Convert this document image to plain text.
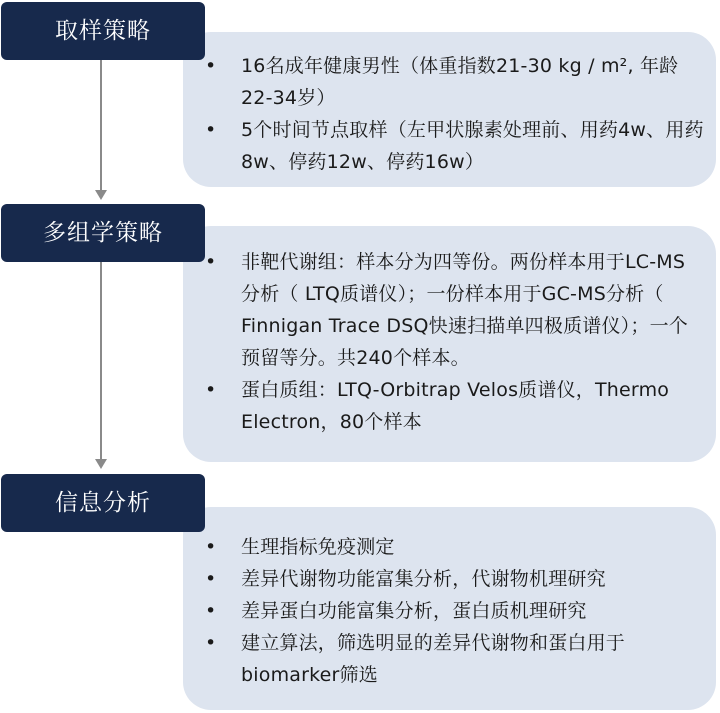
• 16名成年健康男性（体重指数21-30 kg / m², 年龄22-34岁）
• 5个时间节点取样（左甲状腺素处理前、用药4w、用药8w、停药12w、停药16w）
取样策略
• 非靶代谢组：样本分为四等份。两份样本用于LC-MS分析（ LTQ质谱仪）；一份样本用于GC-MS分析（ Finnigan Trace DSQ快速扫描单四极质谱仪）；一个预留等分。共240个样本。
• 蛋白质组：LTQ-Orbitrap Velos质谱仪，Thermo Electron，80个样本
多组学策略
• 生理指标免疫测定
• 差异代谢物功能富集分析，代谢物机理研究
• 差异蛋白功能富集分析，蛋白质机理研究
• 建立算法，筛选明显的差异代谢物和蛋白用于biomarker筛选
信息分析
